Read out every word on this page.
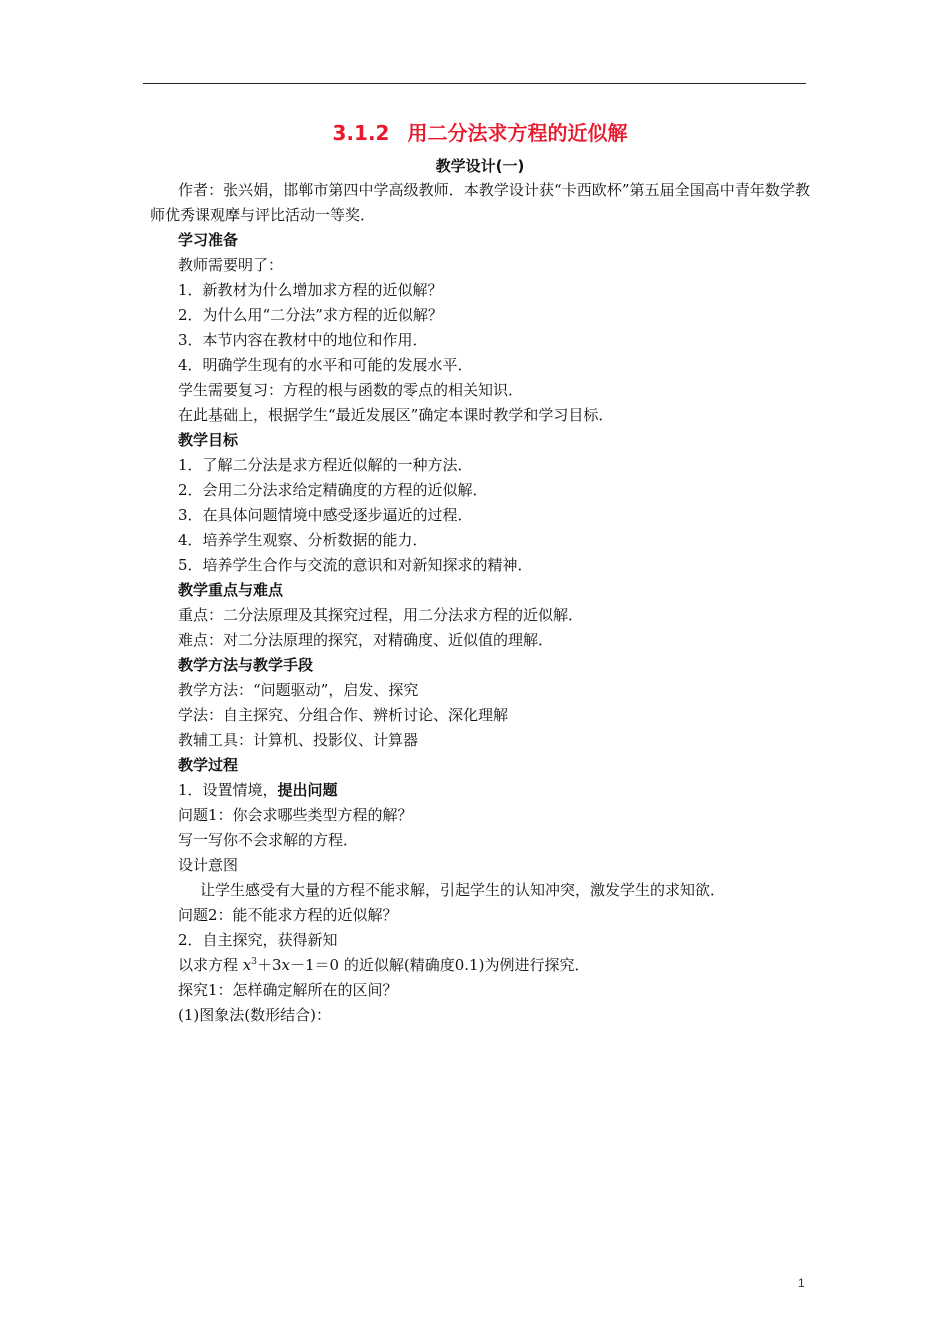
3.1.2 用二分法求方程的近似解
教学设计(一)

作者：张兴娟，邯郸市第四中学高级教师．本教学设计获“卡西欧杯”第五届全国高中青年数学教师优秀课观摩与评比活动一等奖．

学习准备

教师需要明了：

1．新教材为什么增加求方程的近似解？

2．为什么用“二分法”求方程的近似解？

3．本节内容在教材中的地位和作用．

4．明确学生现有的水平和可能的发展水平．

学生需要复习：方程的根与函数的零点的相关知识．

在此基础上，根据学生“最近发展区”确定本课时教学和学习目标．

教学目标

1．了解二分法是求方程近似解的一种方法．

2．会用二分法求给定精确度的方程的近似解．

3．在具体问题情境中感受逐步逼近的过程．

4．培养学生观察、分析数据的能力．

5．培养学生合作与交流的意识和对新知探求的精神．

教学重点与难点

重点：二分法原理及其探究过程，用二分法求方程的近似解．

难点：对二分法原理的探究，对精确度、近似值的理解．

教学方法与教学手段

教学方法：“问题驱动”，启发、探究

学法：自主探究、分组合作、辨析讨论、深化理解

教辅工具：计算机、投影仪、计算器

教学过程

1．设置情境，提出问题

问题1：你会求哪些类型方程的解？

写一写你不会求解的方程．

设计意图

让学生感受有大量的方程不能求解，引起学生的认知冲突，激发学生的求知欲．

问题2：能不能求方程的近似解？

2．自主探究，获得新知

以求方程 $x^3+3x-1=0$ 的近似解(精确度0.1)为例进行探究．

探究1：怎样确定解所在的区间？

(1)图象法(数形结合)：

1
